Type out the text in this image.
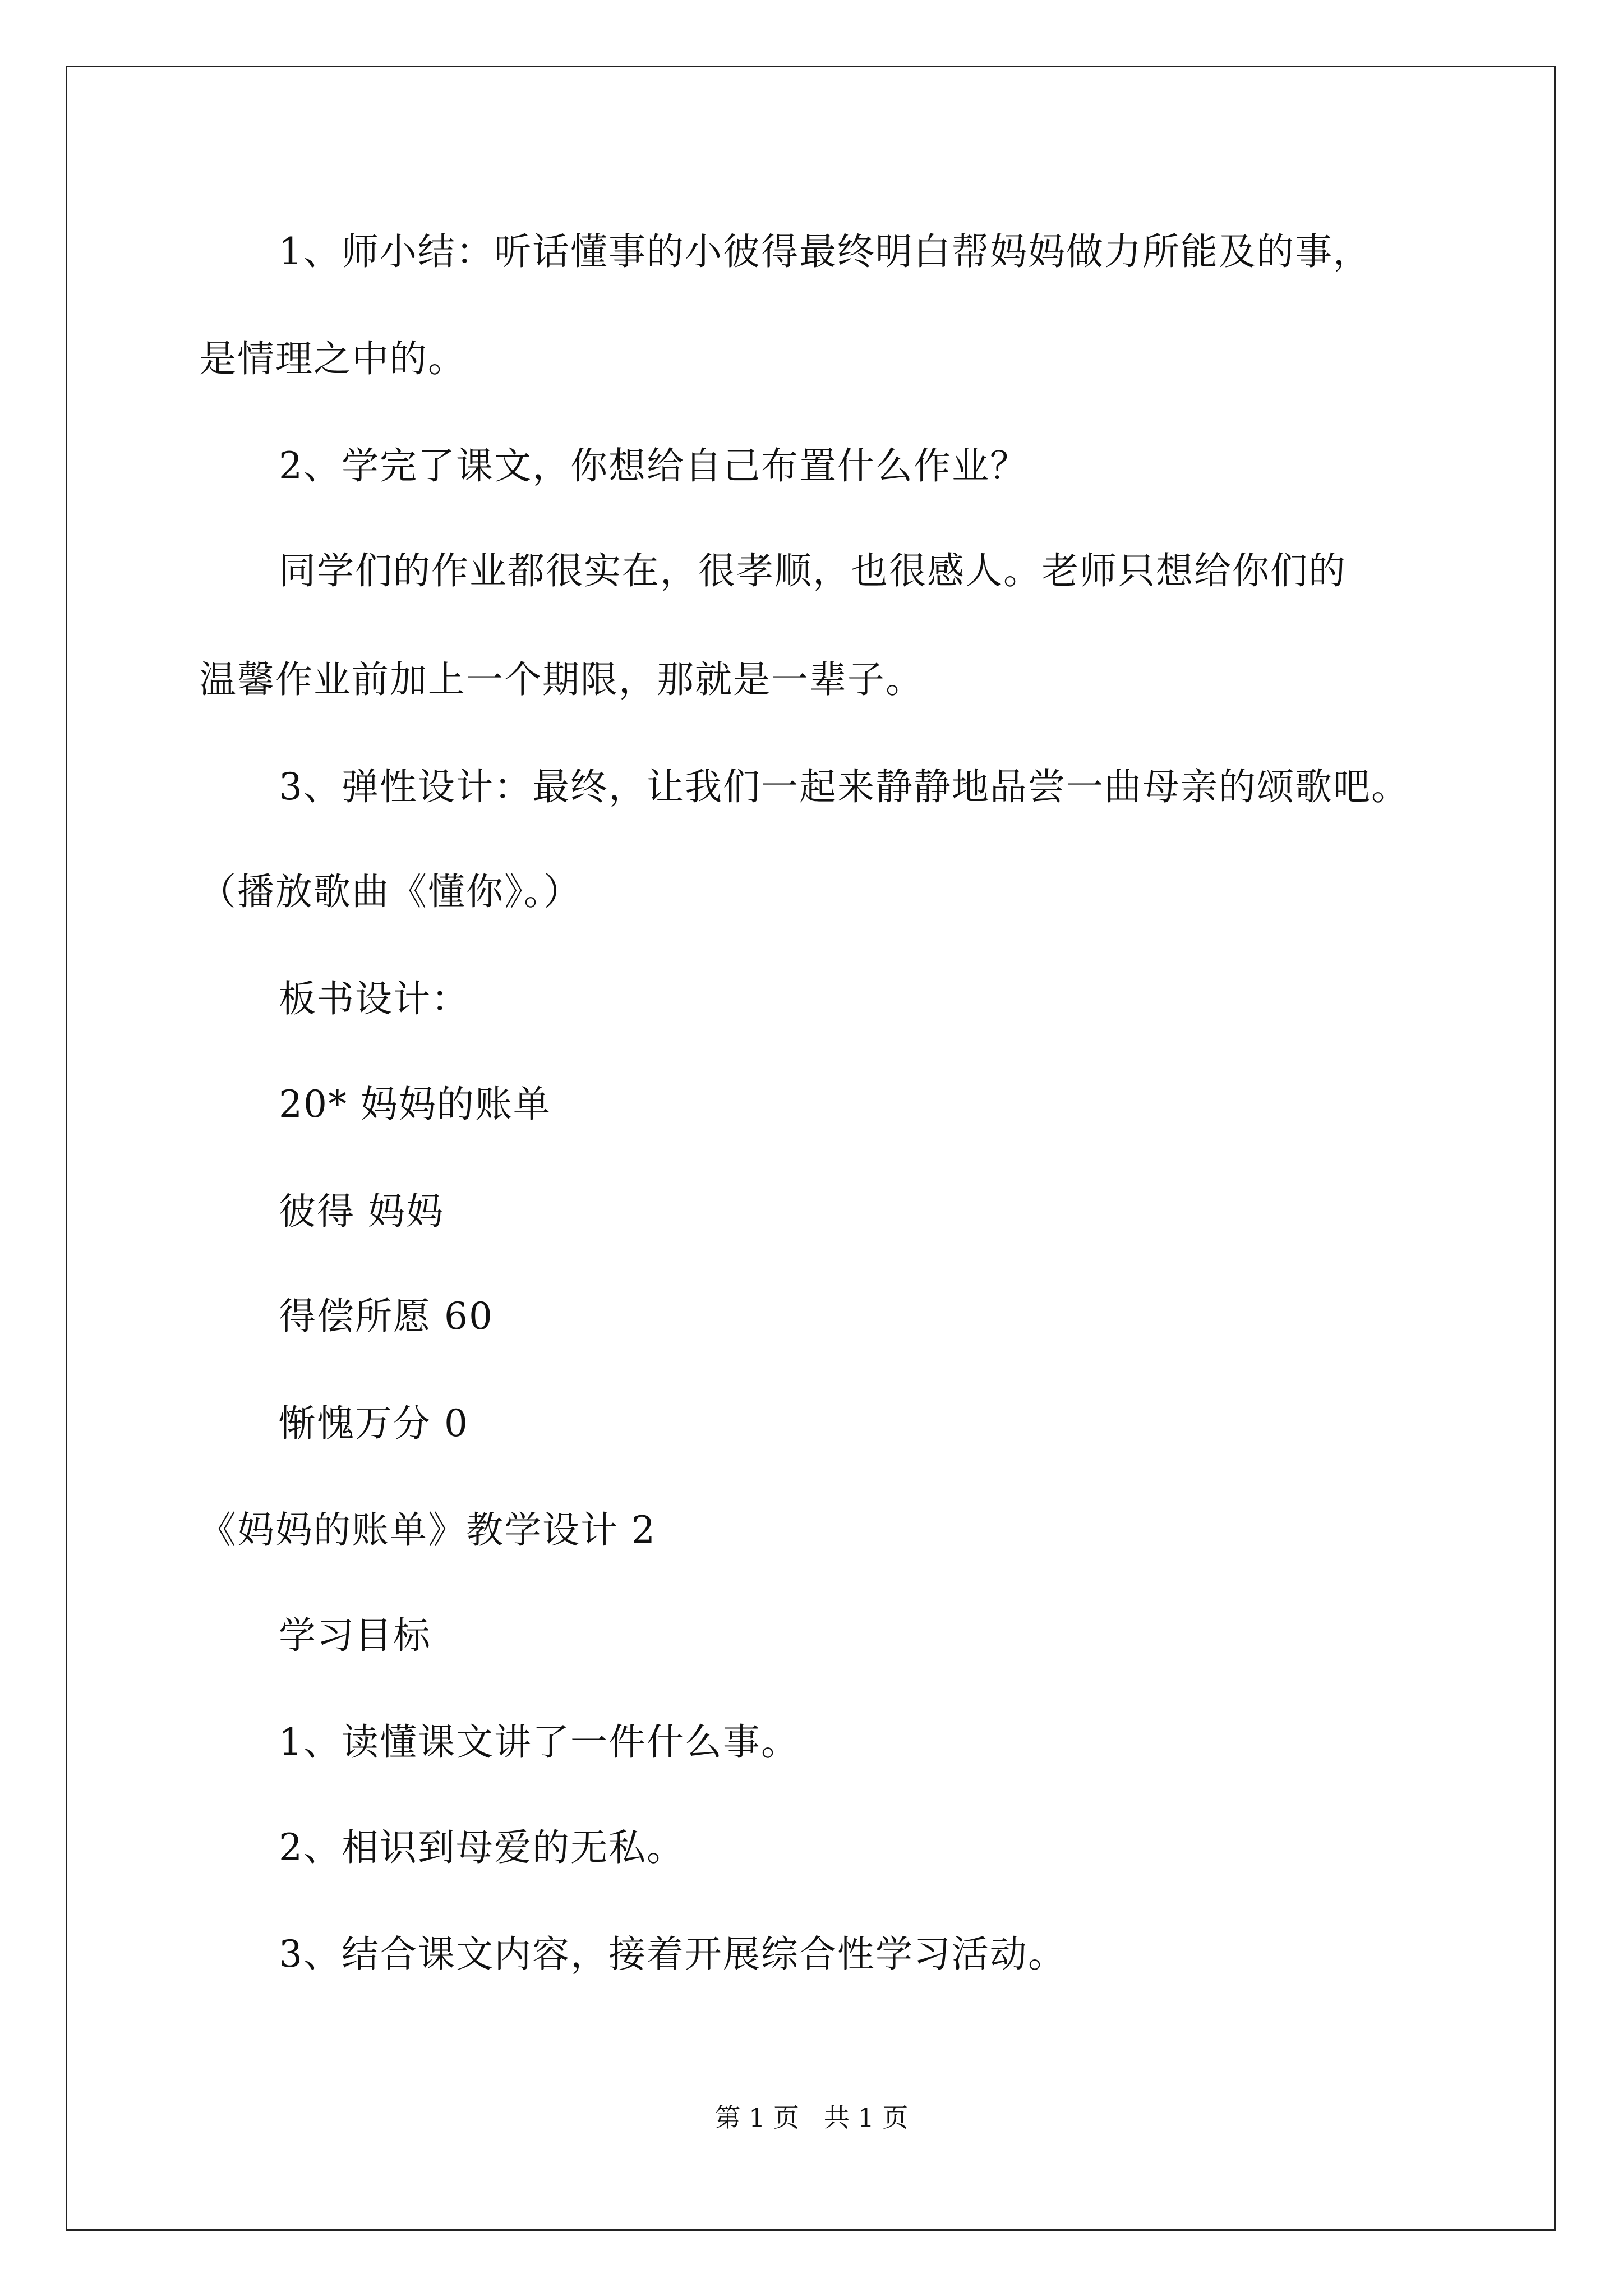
1、师小结：听话懂事的小彼得最终明白帮妈妈做力所能及的事，
是情理之中的。
2、学完了课文，你想给自己布置什么作业？
同学们的作业都很实在，很孝顺，也很感人。老师只想给你们的
温馨作业前加上一个期限，那就是一辈子。
3、弹性设计：最终，让我们一起来静静地品尝一曲母亲的颂歌吧。
（播放歌曲《懂你》。）
板书设计：
20* 妈妈的账单
彼得 妈妈
得偿所愿 60
惭愧万分 0
《妈妈的账单》教学设计 2
学习目标
1、读懂课文讲了一件什么事。
2、相识到母爱的无私。
3、结合课文内容，接着开展综合性学习活动。
第 1 页   共 1 页
